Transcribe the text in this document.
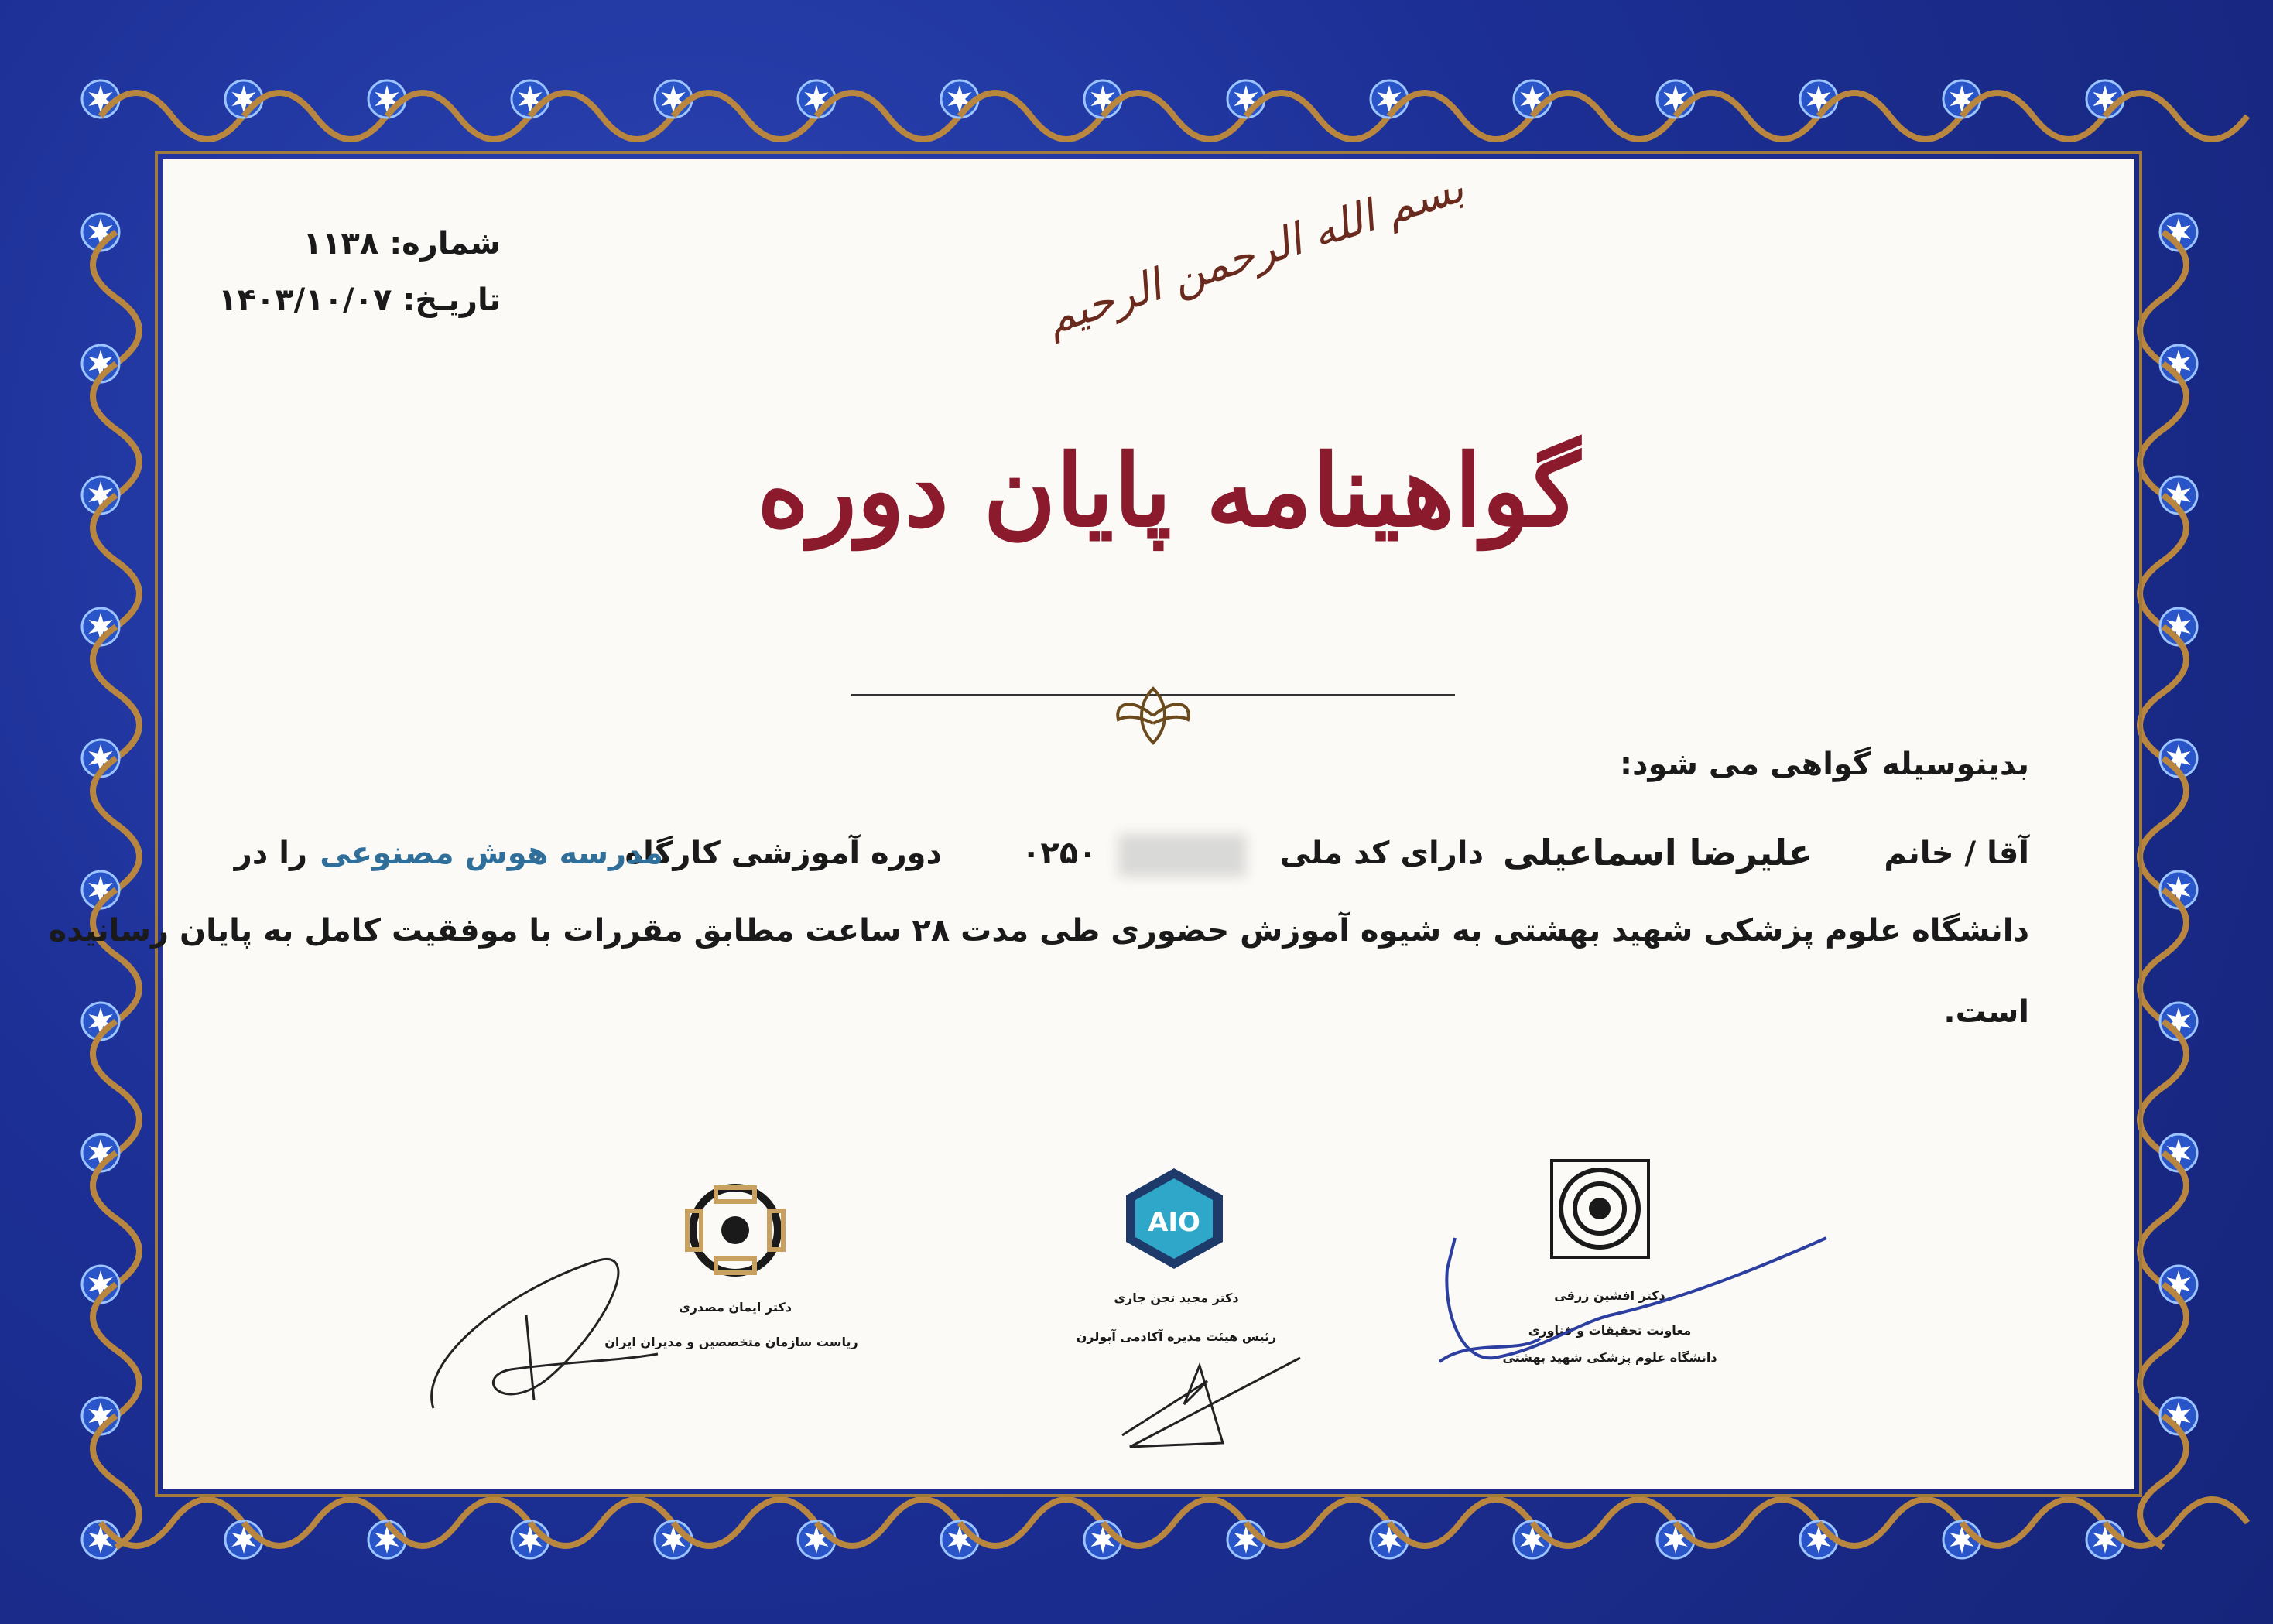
شماره: ۱۱۳۸
تاریـخ: ۱۴۰۳/۱۰/۰۷	بسم الله الرحمن الرحیم
گواهینامه پایان دوره
بدینوسیله گواهی می شود:
آقا / خانم
علیرضا اسماعیلی
دارای کد ملی
۰۲۵۰
دوره آموزشی کارگاه
مدرسه هوش مصنوعی
را در
دانشگاه علوم پزشکی شهید بهشتی به شیوه آموزش حضوری طی مدت ۲۸ ساعت مطابق مقررات با موفقیت کامل به پایان رسانیده
است.
دکتر ایمان مصدری
ریاست سازمان متخصصین و مدیران ایران
AIO
دکتر مجید تجن جاری
رئیس هیئت مدیره آکادمی آپولرن
دکتر افشین زرقی
معاونت تحقیقات و فناوری
دانشگاه علوم پزشکی شهید بهشتی
